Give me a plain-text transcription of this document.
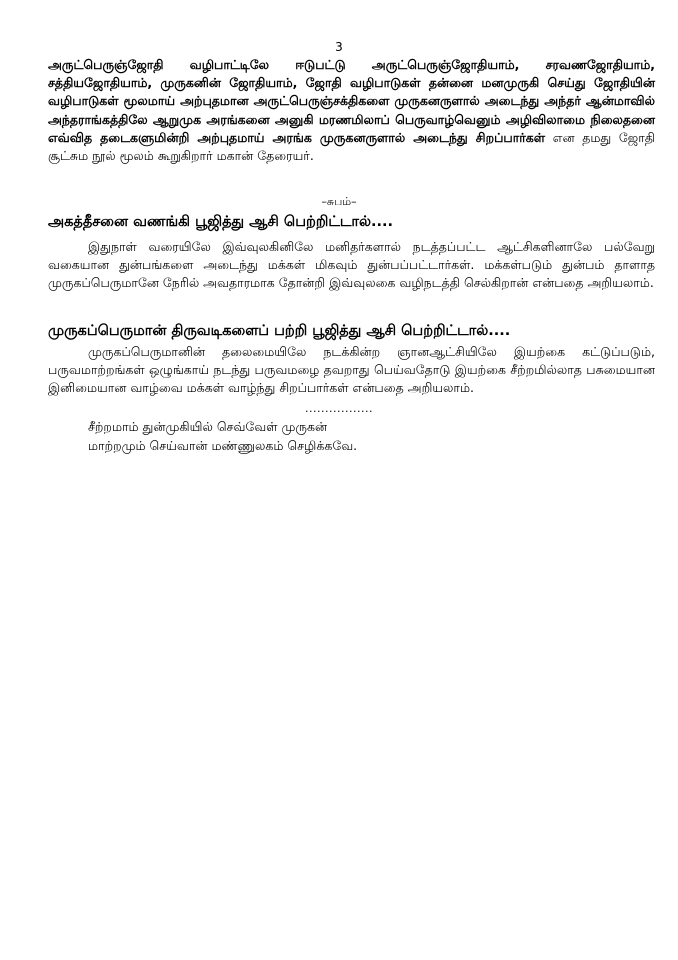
3

அருட்பெருஞ்ஜோதி வழிபாட்டிலே ஈடுபட்டு அருட்பெருஞ்ஜோதியாம், சரவணஜோதியாம், சத்தியஜோதியாம், முருகனின் ஜோதியாம், ஜோதி வழிபாடுகள் தன்னை மனமுருகி செய்து ஜோதியின் வழிபாடுகள் மூலமாய் அற்புதமான அருட்பெருஞ்சக்திகளை முருகனருளால் அடைந்து அந்தர் ஆன்மாவில் அந்தராங்கத்திலே ஆறுமுக அரங்கனை அனுகி மரணமிலாப் பெருவாழ்வெனும் அழிவிலாமை நிலைதனை எவ்வித தடைகளுமின்றி அற்புதமாய் அரங்க முருகனருளால் அடைந்து சிறப்பார்கள் என தமது ஜோதி சூட்சும நூல் மூலம் கூறுகிறார் மகான் தேரையர்.

–சுபம்–
அகத்தீசனை வணங்கி பூஜித்து ஆசி பெற்றிட்டால்....

இதுநாள் வரையிலே இவ்வுலகினிலே மனிதர்களால் நடத்தப்பட்ட ஆட்சிகளினாலே பல்வேறு வகையான துன்பங்களை அடைந்து மக்கள் மிகவும் துன்பப்பட்டார்கள். மக்கள்படும் துன்பம் தாளாத முருகப்பெருமானே நேரில் அவதாரமாக தோன்றி இவ்வுலகை வழிநடத்தி செல்கிறான் என்பதை அறியலாம்.

முருகப்பெருமான் திருவடிகளைப் பற்றி பூஜித்து ஆசி பெற்றிட்டால்....

முருகப்பெருமானின் தலைமையிலே நடக்கின்ற ஞானஆட்சியிலே இயற்கை கட்டுப்படும், பருவமாற்றங்கள் ஒழுங்காய் நடந்து பருவமழை தவறாது பெய்வதோடு இயற்கை சீற்றமில்லாத பசுமையான இனிமையான வாழ்வை மக்கள் வாழ்ந்து சிறப்பார்கள் என்பதை அறியலாம்.

.................
சீற்றமாம் துன்முகியில் செவ்வேள் முருகன்
மாற்றமும் செய்வான் மண்ணுலகம் செழிக்கவே.
